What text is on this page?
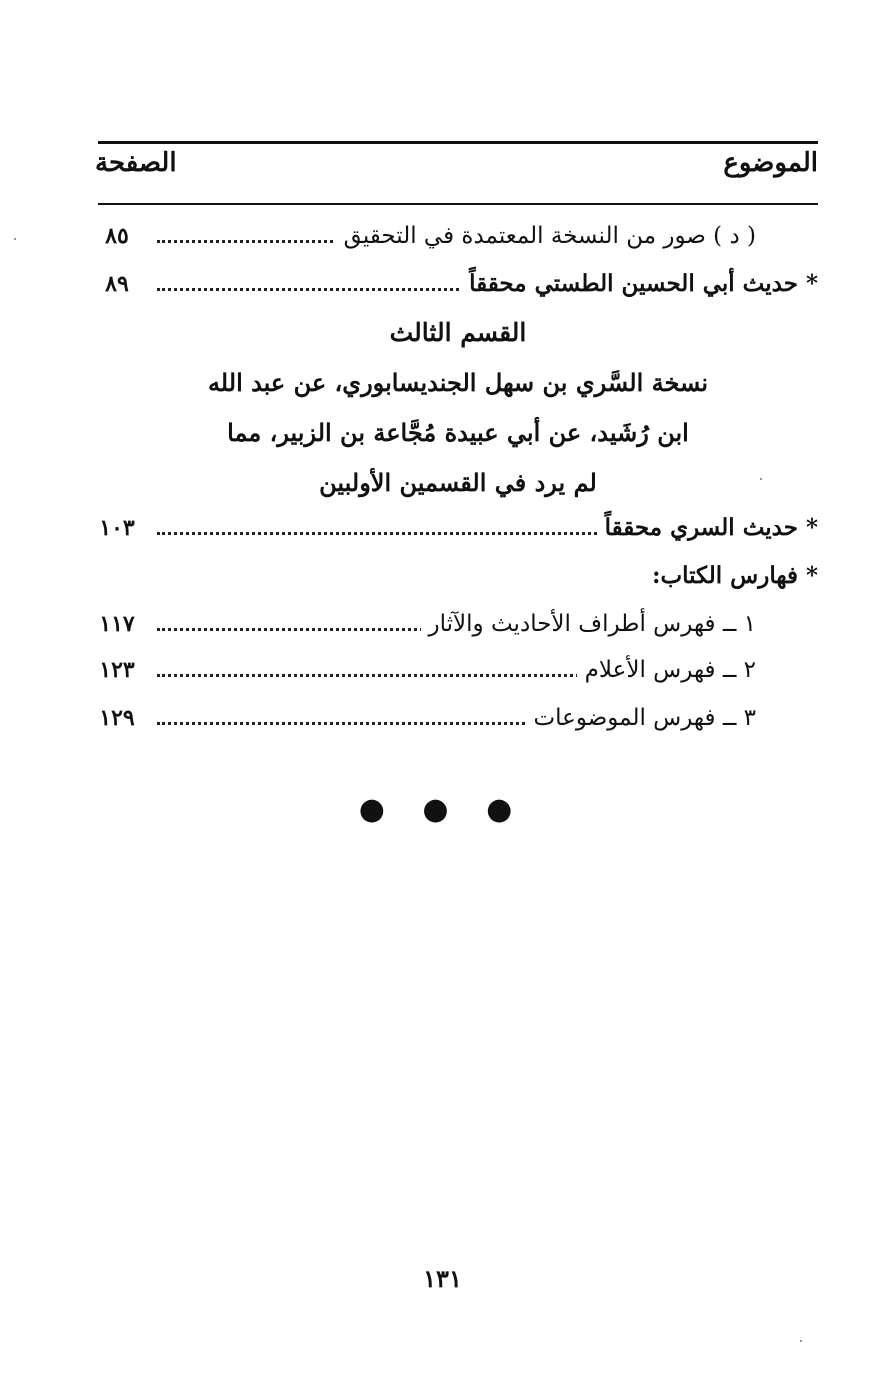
الموضوع
الصفحة
( د ) صور من النسخة المعتمدة في التحقيق
٨٥
*حديث أبي الحسين الطستي محققاً
٨٩
القسم الثالث
نسخة السَّري بن سهل الجنديسابوري، عن عبد الله
ابن رُشَيد، عن أبي عبيدة مُجَّاعة بن الزبير، مما
لم يرد في القسمين الأولبين
*حديث السري محققاً
١٠٣
*فهارس الكتاب:
١ ــ فهرس أطراف الأحاديث والآثار
١١٧
٢ ــ فهرس الأعلام
١٢٣
٣ ــ فهرس الموضوعات
١٢٩
● ● ●
١٣١
